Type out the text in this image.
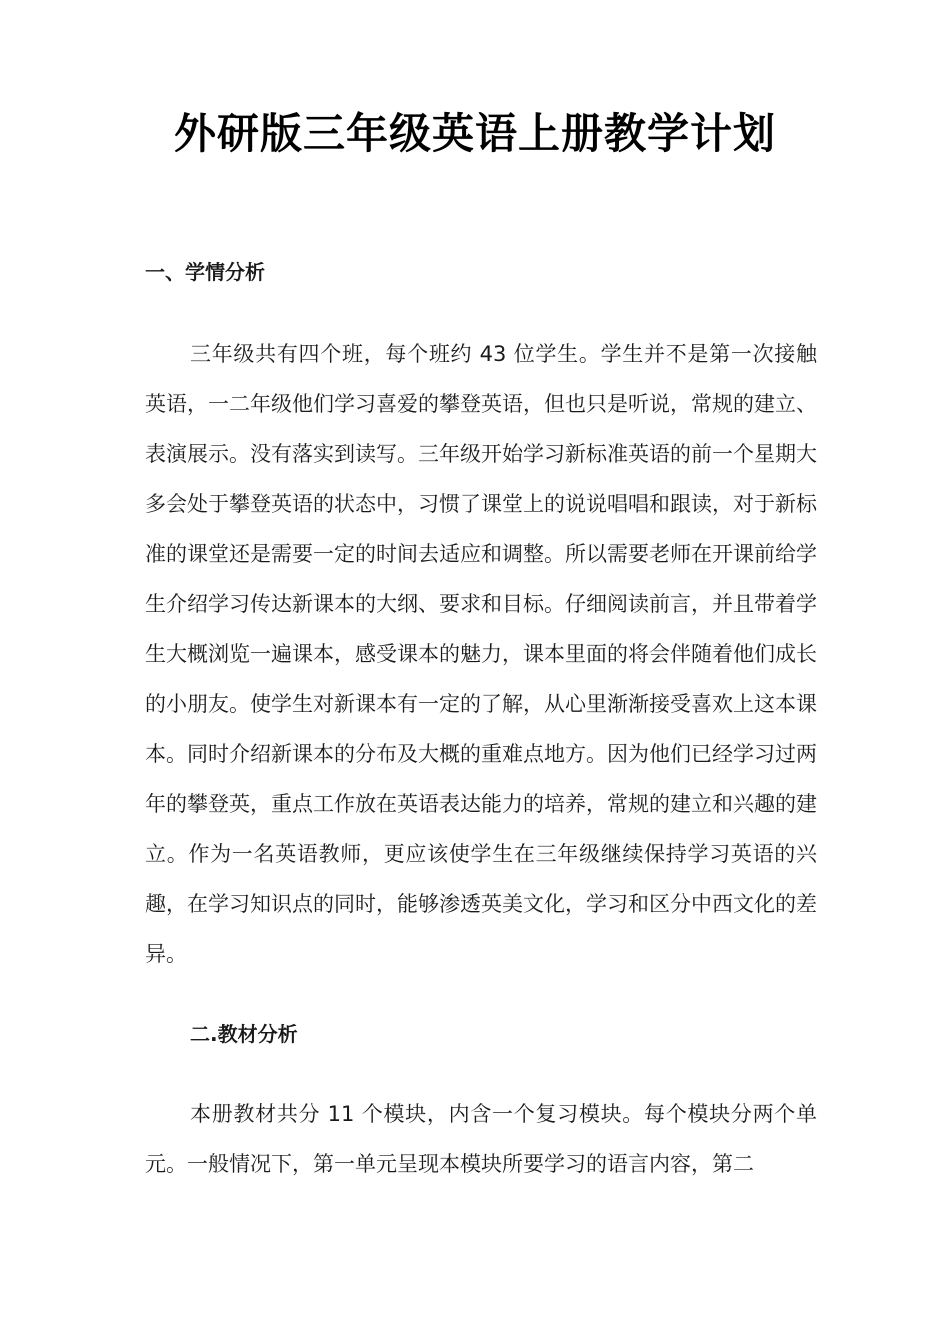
外研版三年级英语上册教学计划
一、学情分析

三年级共有四个班，每个班约 43 位学生。学生并不是第一次接触英语，一二年级他们学习喜爱的攀登英语，但也只是听说，常规的建立、表演展示。没有落实到读写。三年级开始学习新标准英语的前一个星期大多会处于攀登英语的状态中，习惯了课堂上的说说唱唱和跟读，对于新标准的课堂还是需要一定的时间去适应和调整。所以需要老师在开课前给学生介绍学习传达新课本的大纲、要求和目标。仔细阅读前言，并且带着学生大概浏览一遍课本，感受课本的魅力，课本里面的将会伴随着他们成长的小朋友。使学生对新课本有一定的了解，从心里渐渐接受喜欢上这本课本。同时介绍新课本的分布及大概的重难点地方。因为他们已经学习过两年的攀登英，重点工作放在英语表达能力的培养，常规的建立和兴趣的建立。作为一名英语教师，更应该使学生在三年级继续保持学习英语的兴趣，在学习知识点的同时，能够渗透英美文化，学习和区分中西文化的差异。

二.教材分析

本册教材共分 11 个模块，内含一个复习模块。每个模块分两个单元。一般情况下，第一单元呈现本模块所要学习的语言内容，第二
